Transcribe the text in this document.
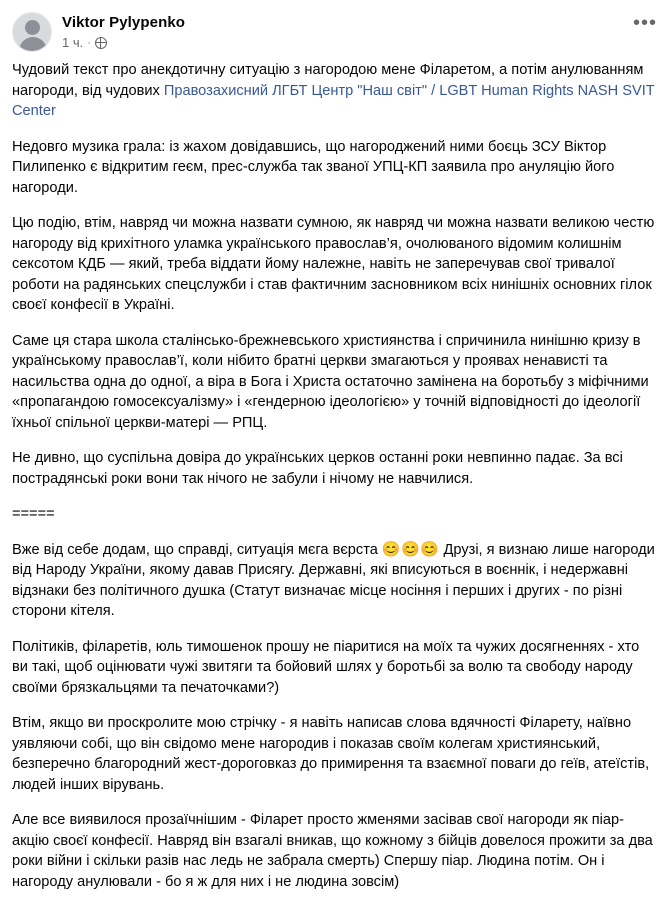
Viktor Pylypenko
1 ч. ·
•••

Чудовий текст про анекдотичну ситуацію з нагородою мене Філаретом, а потім анулюванням нагороди, від чудових Правозахисний ЛГБТ Центр "Наш світ" / LGBT Human Rights NASH SVIT Center

Недовго музика грала: із жахом довідавшись, що нагороджений ними боєць ЗСУ Віктор Пилипенко є відкритим геєм, прес-служба так званої УПЦ-КП заявила про ануляцію його нагороди.

Цю подію, втім, навряд чи можна назвати сумною, як навряд чи можна назвати великою честю нагороду від крихітного уламка українського православ’я, очолюваного відомим колишнім сексотом КДБ — який, треба віддати йому належне, навіть не заперечував свої тривалої роботи на радянських спецслужби і став фактичним засновником всіх нинішніх основних гілок своєї конфесії в Україні.

Саме ця стара школа сталінсько-брежневського християнства і спричинила нинішню кризу в українському православ’ї, коли нібито братні церкви змагаються у проявах ненависті та насильства одна до одної, а віра в Бога і Христа остаточно замінена на боротьбу з міфічними «пропагандою гомосексуалізму» і «гендерною ідеологією» у точній відповідності до ідеології їхньої спільної церкви-матері — РПЦ.

Не дивно, що суспільна довіра до українських церков останні роки невпинно падає. За всі пострадянські роки вони так нічого не забули і нічому не навчилися.

=====

Вже від себе додам, що справді, ситуація мєга вєрста 😊😊😊 Друзі, я визнаю лише нагороди від Народу України, якому давав Присягу. Державні, які вписуються в воєннік, і недержавні відзнаки без політичного душка (Статут визначає місце носіння і перших і других - по різні сторони кітеля.

Політиків, філаретів, юль тимошенок прошу не піаритися на моїх та чужих досягненнях - хто ви такі, щоб оцінювати чужі звитяги та бойовий шлях у боротьбі за волю та свободу народу своїми брязкальцями та печаточками?)

Втім, якщо ви проскролите мою стрічку - я навіть написав слова вдячності Філарету, наївно уявляючи собі, що він свідомо мене нагородив і показав своїм колегам християнський, безперечно благородний жест-дороговказ до примирення та взаємної поваги до геїв, атеїстів, людей інших вірувань.

Але все виявилося прозаїчнішим - Філарет просто жменями засівав свої нагороди як піар-акцію своєї конфесії. Навряд він взагалі вникав, що кожному з бійців довелося прожити за два роки війни і скільки разів нас ледь не забрала смерть) Спершу піар. Людина потім. Он і нагороду анулювали - бо я ж для них і не людина зовсім)
